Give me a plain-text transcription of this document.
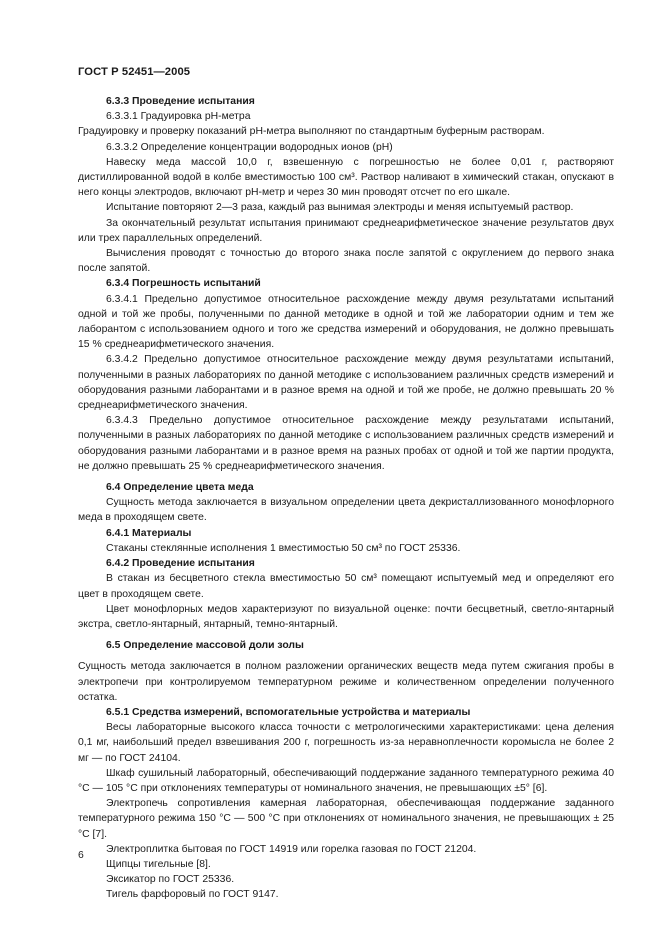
ГОСТ Р 52451—2005

6.3.3 Проведение испытания

6.3.3.1 Градуировка рН-метра

Градуировку и проверку показаний рН-метра выполняют по стандартным буферным растворам.

6.3.3.2 Определение концентрации водородных ионов (рН)

Навеску меда массой 10,0 г, взвешенную с погрешностью не более 0,01 г, растворяют дистиллированной водой в колбе вместимостью 100 см³. Раствор наливают в химический стакан, опускают в него концы электродов, включают рН-метр и через 30 мин проводят отсчет по его шкале.

Испытание повторяют 2—3 раза, каждый раз вынимая электроды и меняя испытуемый раствор.

За окончательный результат испытания принимают среднеарифметическое значение результатов двух или трех параллельных определений.

Вычисления проводят с точностью до второго знака после запятой с округлением до первого знака после запятой.

6.3.4 Погрешность испытаний

6.3.4.1 Предельно допустимое относительное расхождение между двумя результатами испытаний одной и той же пробы, полученными по данной методике в одной и той же лаборатории одним и тем же лаборантом с использованием одного и того же средства измерений и оборудования, не должно превышать 15 % среднеарифметического значения.

6.3.4.2 Предельно допустимое относительное расхождение между двумя результатами испытаний, полученными в разных лабораториях по данной методике с использованием различных средств измерений и оборудования разными лаборантами и в разное время на одной и той же пробе, не должно превышать 20 % среднеарифметического значения.

6.3.4.3 Предельно допустимое относительное расхождение между результатами испытаний, полученными в разных лабораториях по данной методике с использованием различных средств измерений и оборудования разными лаборантами и в разное время на разных пробах от одной и той же партии продукта, не должно превышать 25 % среднеарифметического значения.

6.4 Определение цвета меда

Сущность метода заключается в визуальном определении цвета декристаллизованного монофлорного меда в проходящем свете.

6.4.1 Материалы

Стаканы стеклянные исполнения 1 вместимостью 50 см³ по ГОСТ 25336.

6.4.2 Проведение испытания

В стакан из бесцветного стекла вместимостью 50 см³ помещают испытуемый мед и определяют его цвет в проходящем свете.

Цвет монофлорных медов характеризуют по визуальной оценке: почти бесцветный, светло-янтарный экстра, светло-янтарный, янтарный, темно-янтарный.

6.5 Определение массовой доли золы

Сущность метода заключается в полном разложении органических веществ меда путем сжигания пробы в электропечи при контролируемом температурном режиме и количественном определении полученного остатка.

6.5.1 Средства измерений, вспомогательные устройства и материалы

Весы лабораторные высокого класса точности с метрологическими характеристиками: цена деления 0,1 мг, наибольший предел взвешивания 200 г, погрешность из-за неравноплечности коромысла не более 2 мг — по ГОСТ 24104.

Шкаф сушильный лабораторный, обеспечивающий поддержание заданного температурного режима 40 °С — 105 °С при отклонениях температуры от номинального значения, не превышающих ±5° [6].

Электропечь сопротивления камерная лабораторная, обеспечивающая поддержание заданного температурного режима 150 °С — 500 °С при отклонениях от номинального значения, не превышающих ± 25 °С [7].

Электроплитка бытовая по ГОСТ 14919 или горелка газовая по ГОСТ 21204.

Щипцы тигельные [8].

Эксикатор по ГОСТ 25336.

Тигель фарфоровый по ГОСТ 9147.

6
